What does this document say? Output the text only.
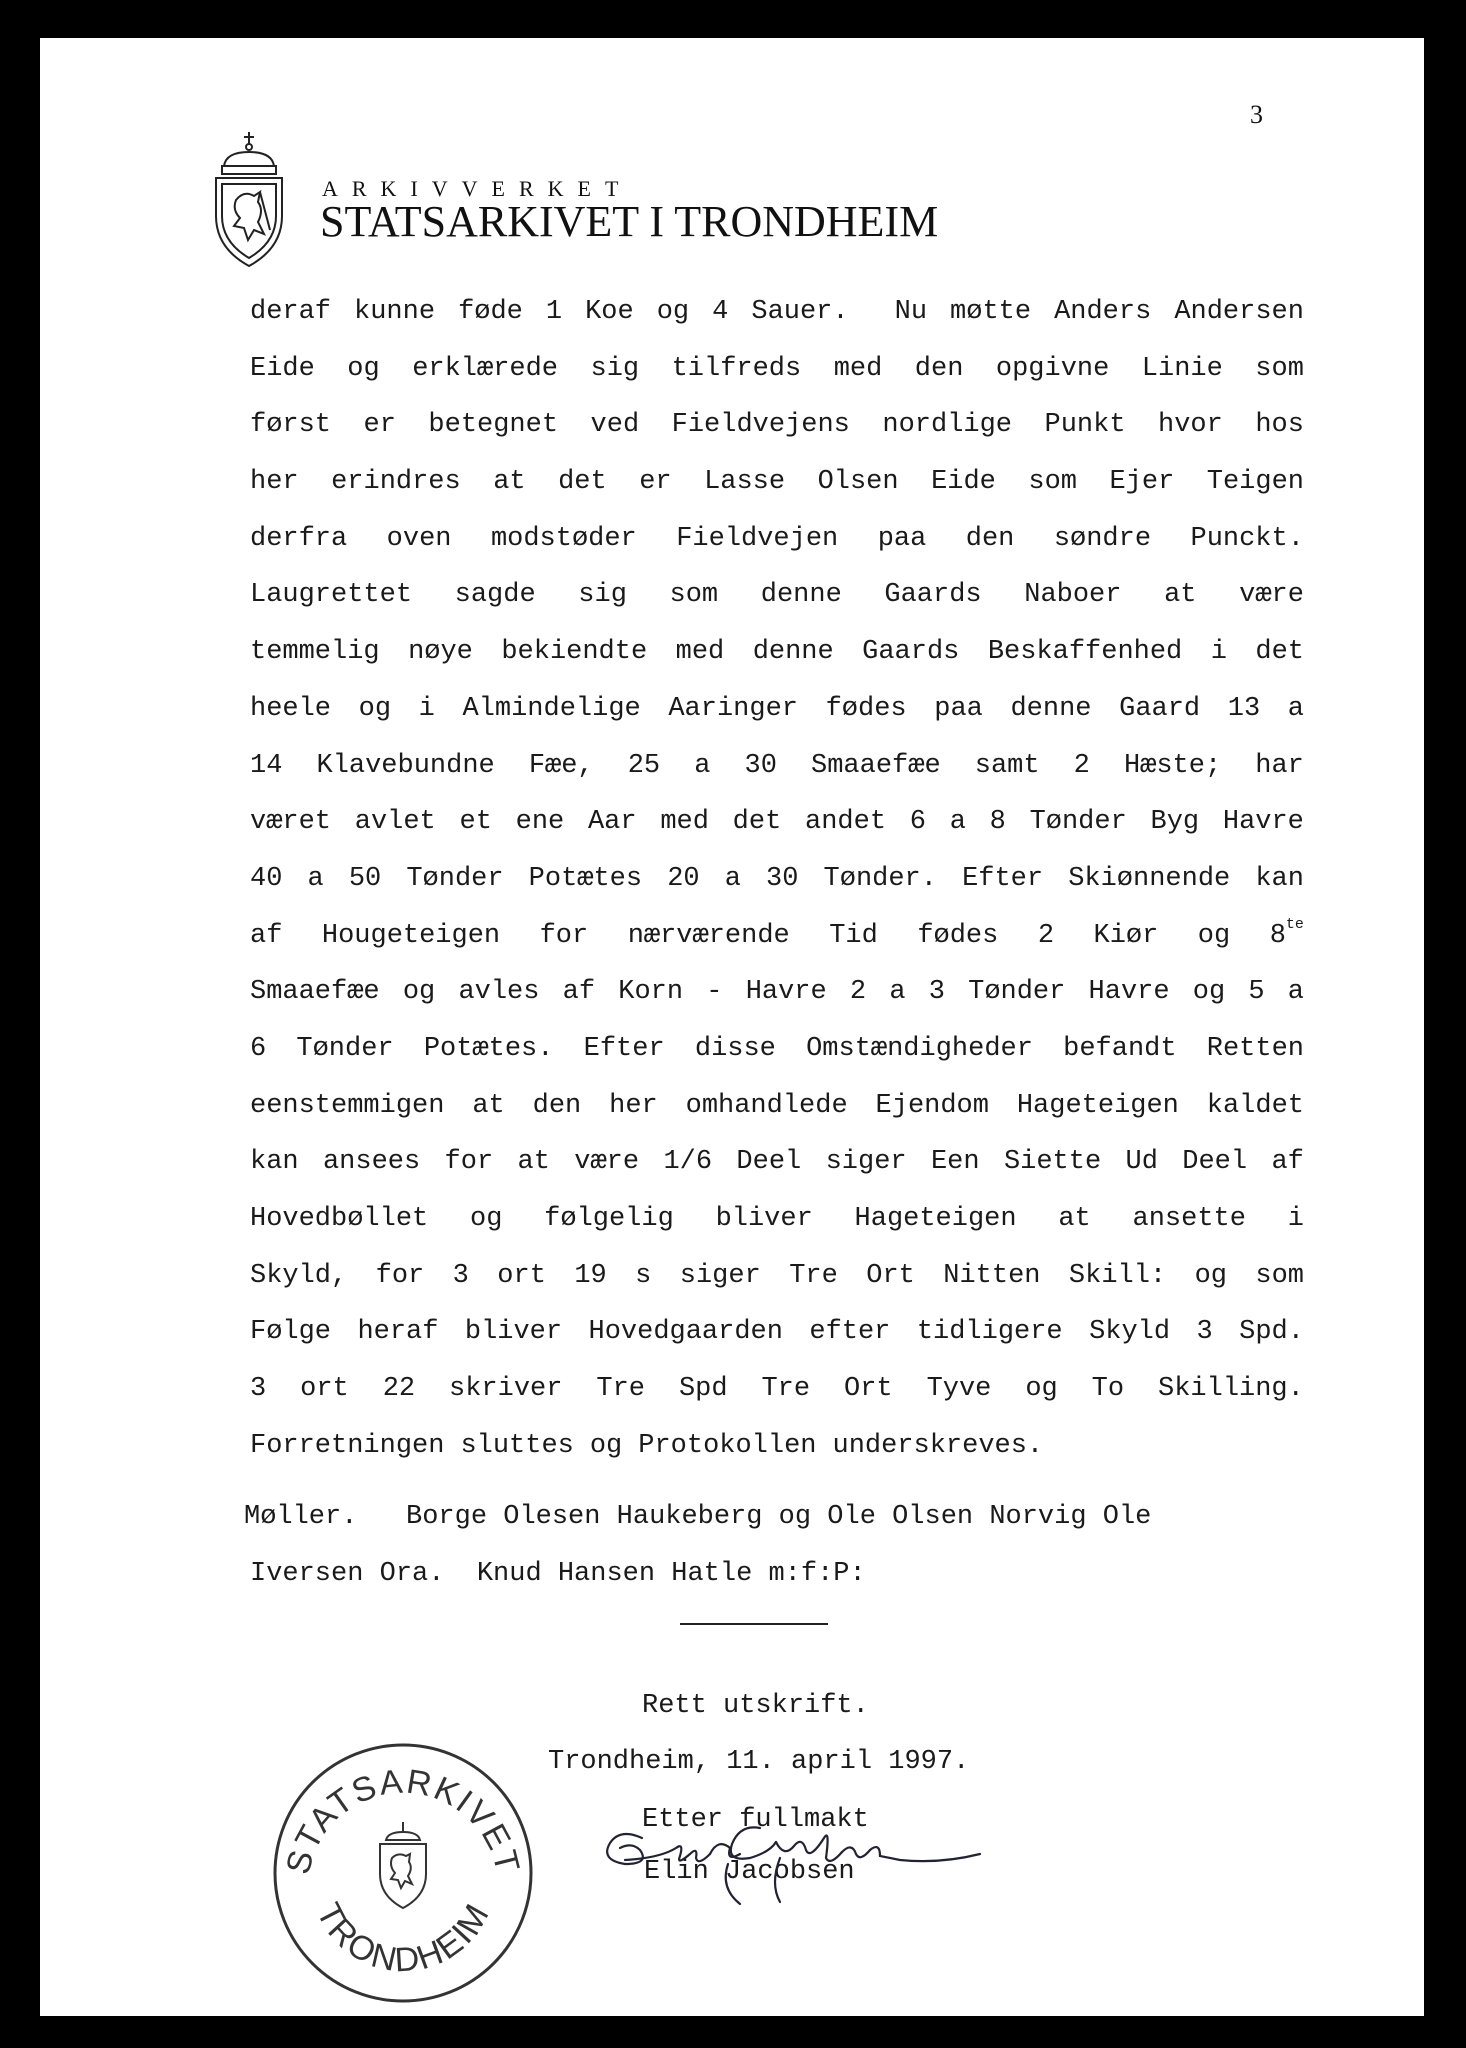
3
ARKIVVERKET
STATSARKIVET I TRONDHEIM
deraf kunne føde 1 Koe og 4 Sauer. Nu møtte Anders Andersen
Eide og erklærede sig tilfreds med den opgivne Linie som
først er betegnet ved Fieldvejens nordlige Punkt hvor hos
her erindres at det er Lasse Olsen Eide som Ejer Teigen
derfra oven modstøder Fieldvejen paa den søndre Punckt.
Laugrettet sagde sig som denne Gaards Naboer at være
temmelig nøye bekiendte med denne Gaards Beskaffenhed i det
heele og i Almindelige Aaringer fødes paa denne Gaard 13 a
14 Klavebundne Fæe, 25 a 30 Smaaefæe samt 2 Hæste; har
været avlet et ene Aar med det andet 6 a 8 Tønder Byg Havre
40 a 50 Tønder Potætes 20 a 30 Tønder. Efter Skiønnende kan
af Hougeteigen for nærværende Tid fødes 2 Kiør og $8^{te}$
Smaaefæe og avles af Korn - Havre 2 a 3 Tønder Havre og 5 a
6 Tønder Potætes. Efter disse Omstændigheder befandt Retten
eenstemmigen at den her omhandlede Ejendom Hageteigen kaldet
kan ansees for at være 1/6 Deel siger Een Siette Ud Deel af
Hovedbøllet og følgelig bliver Hageteigen at ansette i
Skyld, for 3 ort 19 s siger Tre Ort Nitten Skill: og som
Følge heraf bliver Hovedgaarden efter tidligere Skyld 3 Spd.
3 ort 22 skriver Tre Spd Tre Ort Tyve og To Skilling.
Forretningen sluttes og Protokollen underskreves.
Møller.   Borge Olesen Haukeberg og Ole Olsen Norvig Ole
Iversen Ora.  Knud Hansen Hatle m:f:P:
Rett utskrift.
Trondheim, 11. april 1997.
Etter fullmakt
Elin Jacobsen
STATSARKIVET
TRONDHEIM
